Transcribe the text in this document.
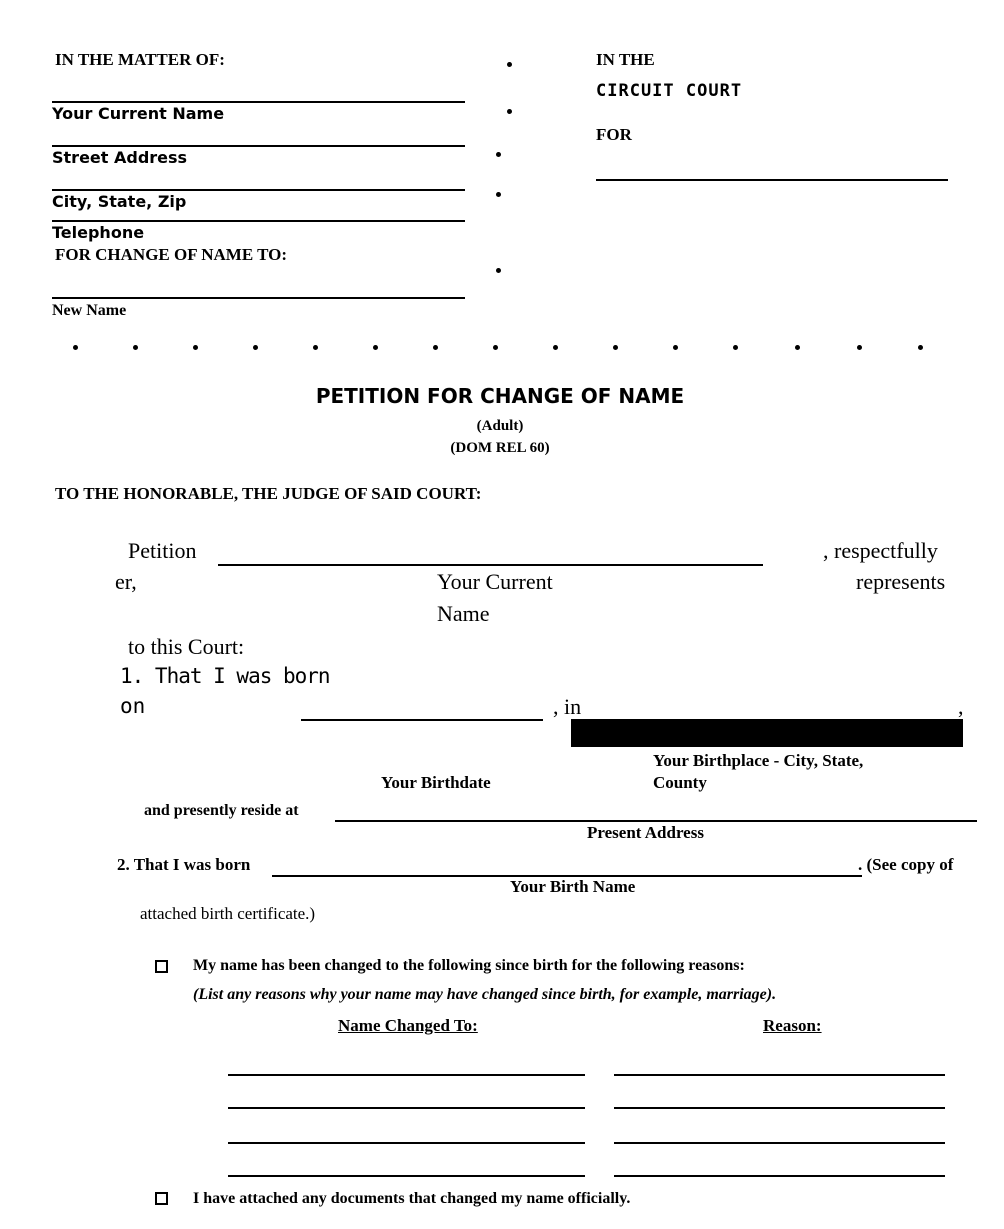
IN THE MATTER OF:
Your Current Name
Street Address
City, State, Zip
Telephone
FOR CHANGE OF NAME TO:
New Name
IN THE
CIRCUIT COURT
FOR
PETITION FOR CHANGE OF NAME
(Adult)
(DOM REL 60)
TO THE HONORABLE, THE JUDGE OF SAID COURT:
Petition
er,
, respectfully
represents
Your Current
Name
to this Court:
1. That I was born
on	, in	,
Your Birthplace - City, State,
County
Your Birthdate
and presently reside at
Present Address
2. That I was born	. (See copy of
Your Birth Name
attached birth certificate.)
My name has been changed to the following since birth for the following reasons:
(List any reasons why your name may have changed since birth, for example, marriage).
Name Changed To:	Reason:
I have attached any documents that changed my name officially.
